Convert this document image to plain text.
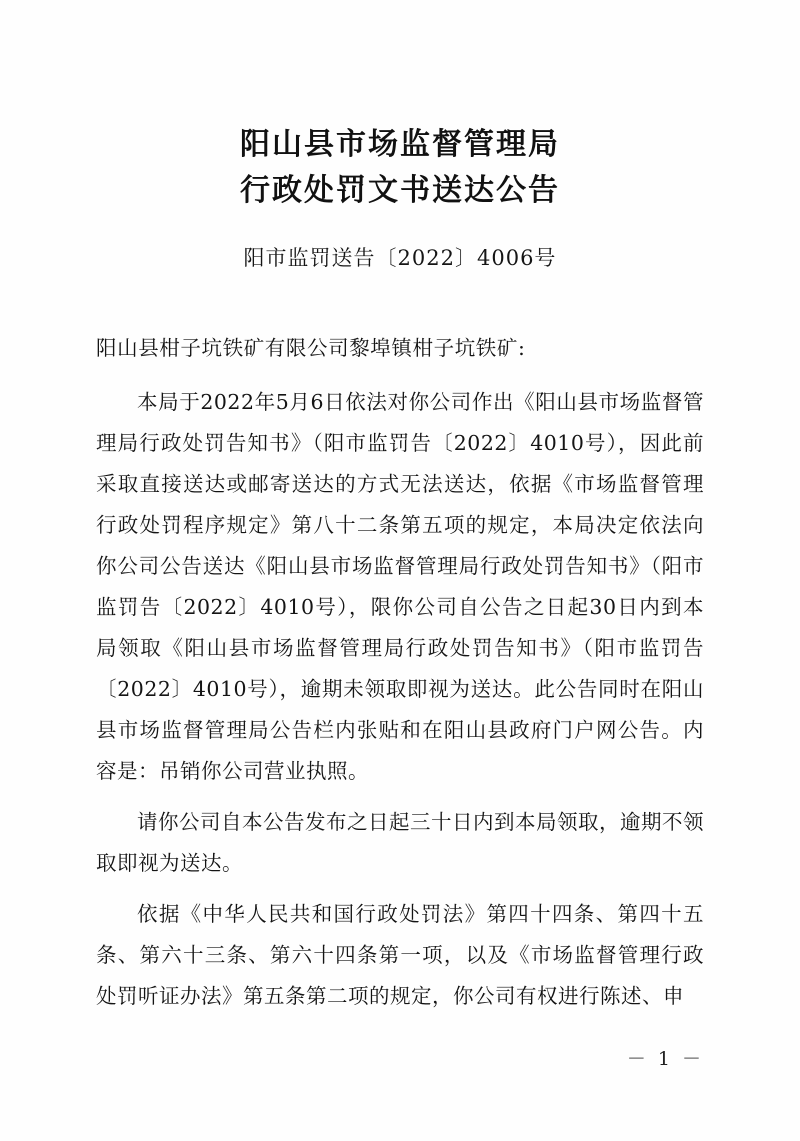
阳山县市场监督管理局
行政处罚文书送达公告
阳市监罚送告〔2022〕4006号
阳山县柑子坑铁矿有限公司黎埠镇柑子坑铁矿:
本局于2022年5月6日依法对你公司作出《阳山县市场监督管理局行政处罚告知书》（阳市监罚告〔2022〕4010号），因此前采取直接送达或邮寄送达的方式无法送达，依据《市场监督管理行政处罚程序规定》第八十二条第五项的规定，本局决定依法向你公司公告送达《阳山县市场监督管理局行政处罚告知书》（阳市监罚告〔2022〕4010号），限你公司自公告之日起30日内到本局领取《阳山县市场监督管理局行政处罚告知书》（阳市监罚告〔2022〕4010号），逾期未领取即视为送达。此公告同时在阳山县市场监督管理局公告栏内张贴和在阳山县政府门户网公告。内容是：吊销你公司营业执照。
请你公司自本公告发布之日起三十日内到本局领取，逾期不领取即视为送达。
依据《中华人民共和国行政处罚法》第四十四条、第四十五条、第六十三条、第六十四条第一项，以及《市场监督管理行政处罚听证办法》第五条第二项的规定，你公司有权进行陈述、申
－ 1 －
